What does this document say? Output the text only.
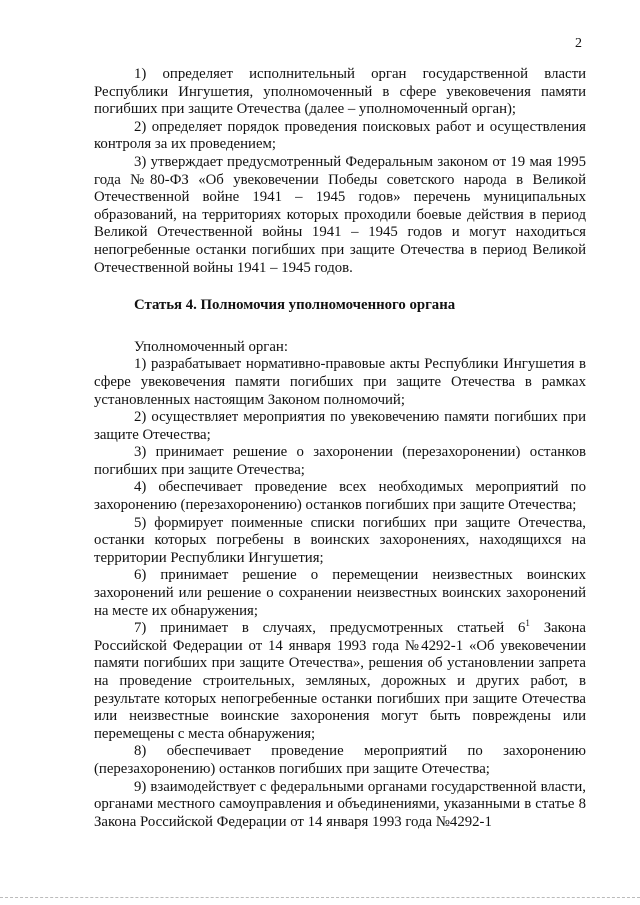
2

1) определяет исполнительный орган государственной власти Республики Ингушетия, уполномоченный в сфере увековечения памяти погибших при защите Отечества (далее – уполномоченный орган);

2) определяет порядок проведения поисковых работ и осуществления контроля за их проведением;

3) утверждает предусмотренный Федеральным законом от 19 мая 1995 года №80-ФЗ «Об увековечении Победы советского народа в Великой Отечественной войне 1941 – 1945 годов» перечень муниципальных образований, на территориях которых проходили боевые действия в период Великой Отечественной войны 1941 – 1945 годов и могут находиться непогребенные останки погибших при защите Отечества в период Великой Отечественной войны 1941 – 1945 годов.

Статья 4. Полномочия уполномоченного органа

Уполномоченный орган:

1) разрабатывает нормативно-правовые акты Республики Ингушетия в сфере увековечения памяти погибших при защите Отечества в рамках установленных настоящим Законом полномочий;

2) осуществляет мероприятия по увековечению памяти погибших при защите Отечества;

3) принимает решение о захоронении (перезахоронении) останков погибших при защите Отечества;

4) обеспечивает проведение всех необходимых мероприятий по захоронению (перезахоронению) останков погибших при защите Отечества;

5) формирует поименные списки погибших при защите Отечества, останки которых погребены в воинских захоронениях, находящихся на территории Республики Ингушетия;

6) принимает решение о перемещении неизвестных воинских захоронений или решение о сохранении неизвестных воинских захоронений на месте их обнаружения;

7) принимает в случаях, предусмотренных статьей $6^1$ Закона Российской Федерации от 14 января 1993 года №4292-1 «Об увековечении памяти погибших при защите Отечества», решения об установлении запрета на проведение строительных, земляных, дорожных и других работ, в результате которых непогребенные останки погибших при защите Отечества или неизвестные воинские захоронения могут быть повреждены или перемещены с места обнаружения;

8) обеспечивает проведение мероприятий по захоронению (перезахоронению) останков погибших при защите Отечества;

9) взаимодействует с федеральными органами государственной власти, органами местного самоуправления и объединениями, указанными в статье 8 Закона Российской Федерации от 14 января 1993 года №4292-1
